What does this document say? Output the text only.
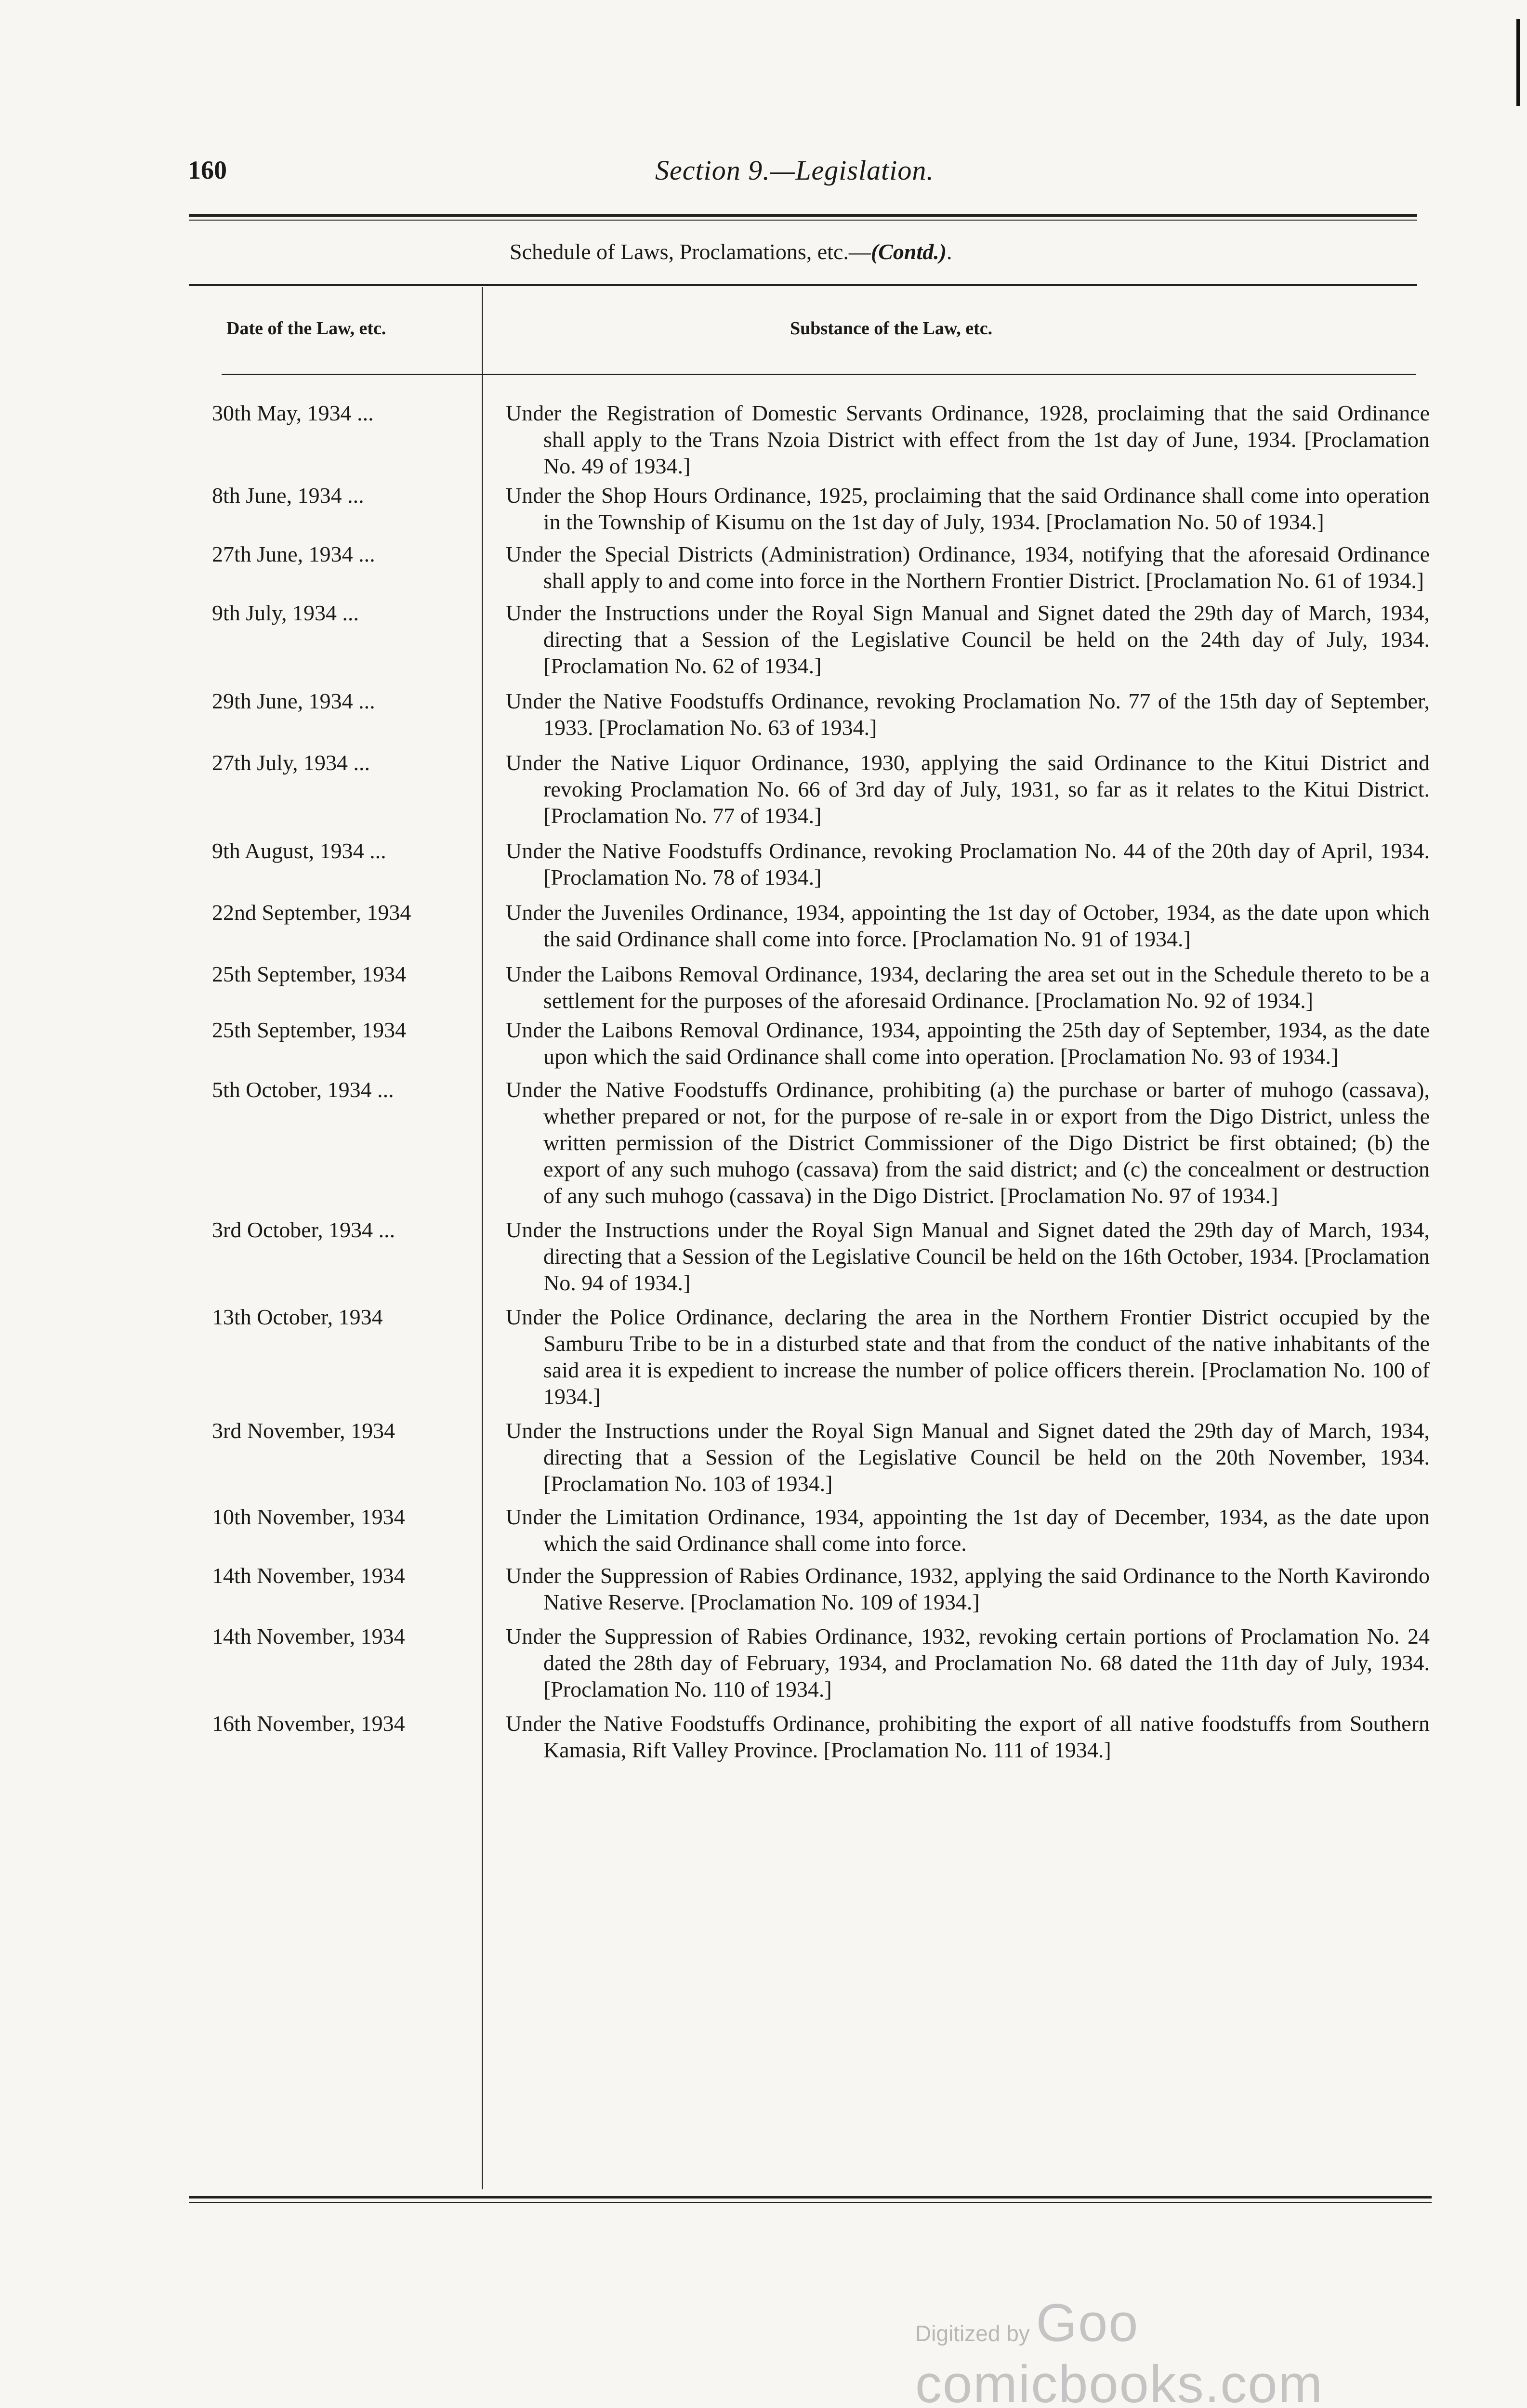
160	Section 9.—Legislation.
Schedule of Laws, Proclamations, etc.—(Contd.).
Date of the Law, etc.	Substance of the Law, etc.
30th May, 1934 ...	Under the Registration of Domestic Servants Ordinance, 1928, proclaiming that the said Ordinance shall apply to the Trans Nzoia District with effect from the 1st day of June, 1934. [Proclamation No. 49 of 1934.]
8th June, 1934 ...	Under the Shop Hours Ordinance, 1925, proclaiming that the said Ordinance shall come into operation in the Township of Kisumu on the 1st day of July, 1934. [Proclamation No. 50 of 1934.]
27th June, 1934 ...	Under the Special Districts (Administration) Ordinance, 1934, notifying that the aforesaid Ordinance shall apply to and come into force in the Northern Frontier District. [Proclamation No. 61 of 1934.]
9th July, 1934 ...	Under the Instructions under the Royal Sign Manual and Signet dated the 29th day of March, 1934, directing that a Session of the Legislative Council be held on the 24th day of July, 1934. [Proclamation No. 62 of 1934.]
29th June, 1934 ...	Under the Native Foodstuffs Ordinance, revoking Proclamation No. 77 of the 15th day of September, 1933. [Proclamation No. 63 of 1934.]
27th July, 1934 ...	Under the Native Liquor Ordinance, 1930, applying the said Ordinance to the Kitui District and revoking Proclamation No. 66 of 3rd day of July, 1931, so far as it relates to the Kitui District. [Proclamation No. 77 of 1934.]
9th August, 1934 ...	Under the Native Foodstuffs Ordinance, revoking Proclamation No. 44 of the 20th day of April, 1934. [Proclamation No. 78 of 1934.]
22nd September, 1934	Under the Juveniles Ordinance, 1934, appointing the 1st day of October, 1934, as the date upon which the said Ordinance shall come into force. [Proclamation No. 91 of 1934.]
25th September, 1934	Under the Laibons Removal Ordinance, 1934, declaring the area set out in the Schedule thereto to be a settlement for the purposes of the aforesaid Ordinance. [Proclamation No. 92 of 1934.]
25th September, 1934	Under the Laibons Removal Ordinance, 1934, appointing the 25th day of September, 1934, as the date upon which the said Ordinance shall come into operation. [Proclamation No. 93 of 1934.]
5th October, 1934 ...	Under the Native Foodstuffs Ordinance, prohibiting (a) the purchase or barter of muhogo (cassava), whether prepared or not, for the purpose of re-sale in or export from the Digo District, unless the written permission of the District Commissioner of the Digo District be first obtained; (b) the export of any such muhogo (cassava) from the said district; and (c) the concealment or destruction of any such muhogo (cassava) in the Digo District. [Proclamation No. 97 of 1934.]
3rd October, 1934 ...	Under the Instructions under the Royal Sign Manual and Signet dated the 29th day of March, 1934, directing that a Session of the Legislative Council be held on the 16th October, 1934. [Proclamation No. 94 of 1934.]
13th October, 1934	Under the Police Ordinance, declaring the area in the Northern Frontier District occupied by the Samburu Tribe to be in a disturbed state and that from the conduct of the native inhabitants of the said area it is expedient to increase the number of police officers therein. [Proclamation No. 100 of 1934.]
3rd November, 1934	Under the Instructions under the Royal Sign Manual and Signet dated the 29th day of March, 1934, directing that a Session of the Legislative Council be held on the 20th November, 1934. [Proclamation No. 103 of 1934.]
10th November, 1934	Under the Limitation Ordinance, 1934, appointing the 1st day of December, 1934, as the date upon which the said Ordinance shall come into force.
14th November, 1934	Under the Suppression of Rabies Ordinance, 1932, applying the said Ordinance to the North Kavirondo Native Reserve. [Proclamation No. 109 of 1934.]
14th November, 1934	Under the Suppression of Rabies Ordinance, 1932, revoking certain portions of Proclamation No. 24 dated the 28th day of February, 1934, and Proclamation No. 68 dated the 11th day of July, 1934. [Proclamation No. 110 of 1934.]
16th November, 1934	Under the Native Foodstuffs Ordinance, prohibiting the export of all native foodstuffs from Southern Kamasia, Rift Valley Province. [Proclamation No. 111 of 1934.]
Digitized by Goo comicbooks.com
